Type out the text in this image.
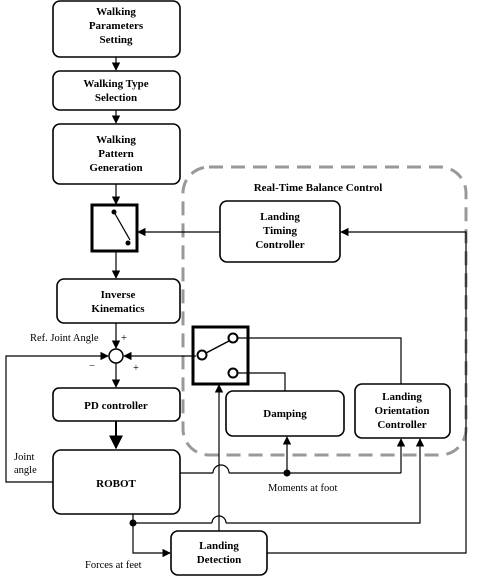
Real-Time Balance Control
Walking
Parameters
Setting
Walking Type
Selection
Walking
Pattern
Generation
Inverse
Kinematics
PD controller
ROBOT
Landing
Detection
Landing
Timing
Controller
Damping
Landing
Orientation
Controller
Ref. Joint Angle +
−	+
Joint
angle
Moments at foot
Forces at feet
